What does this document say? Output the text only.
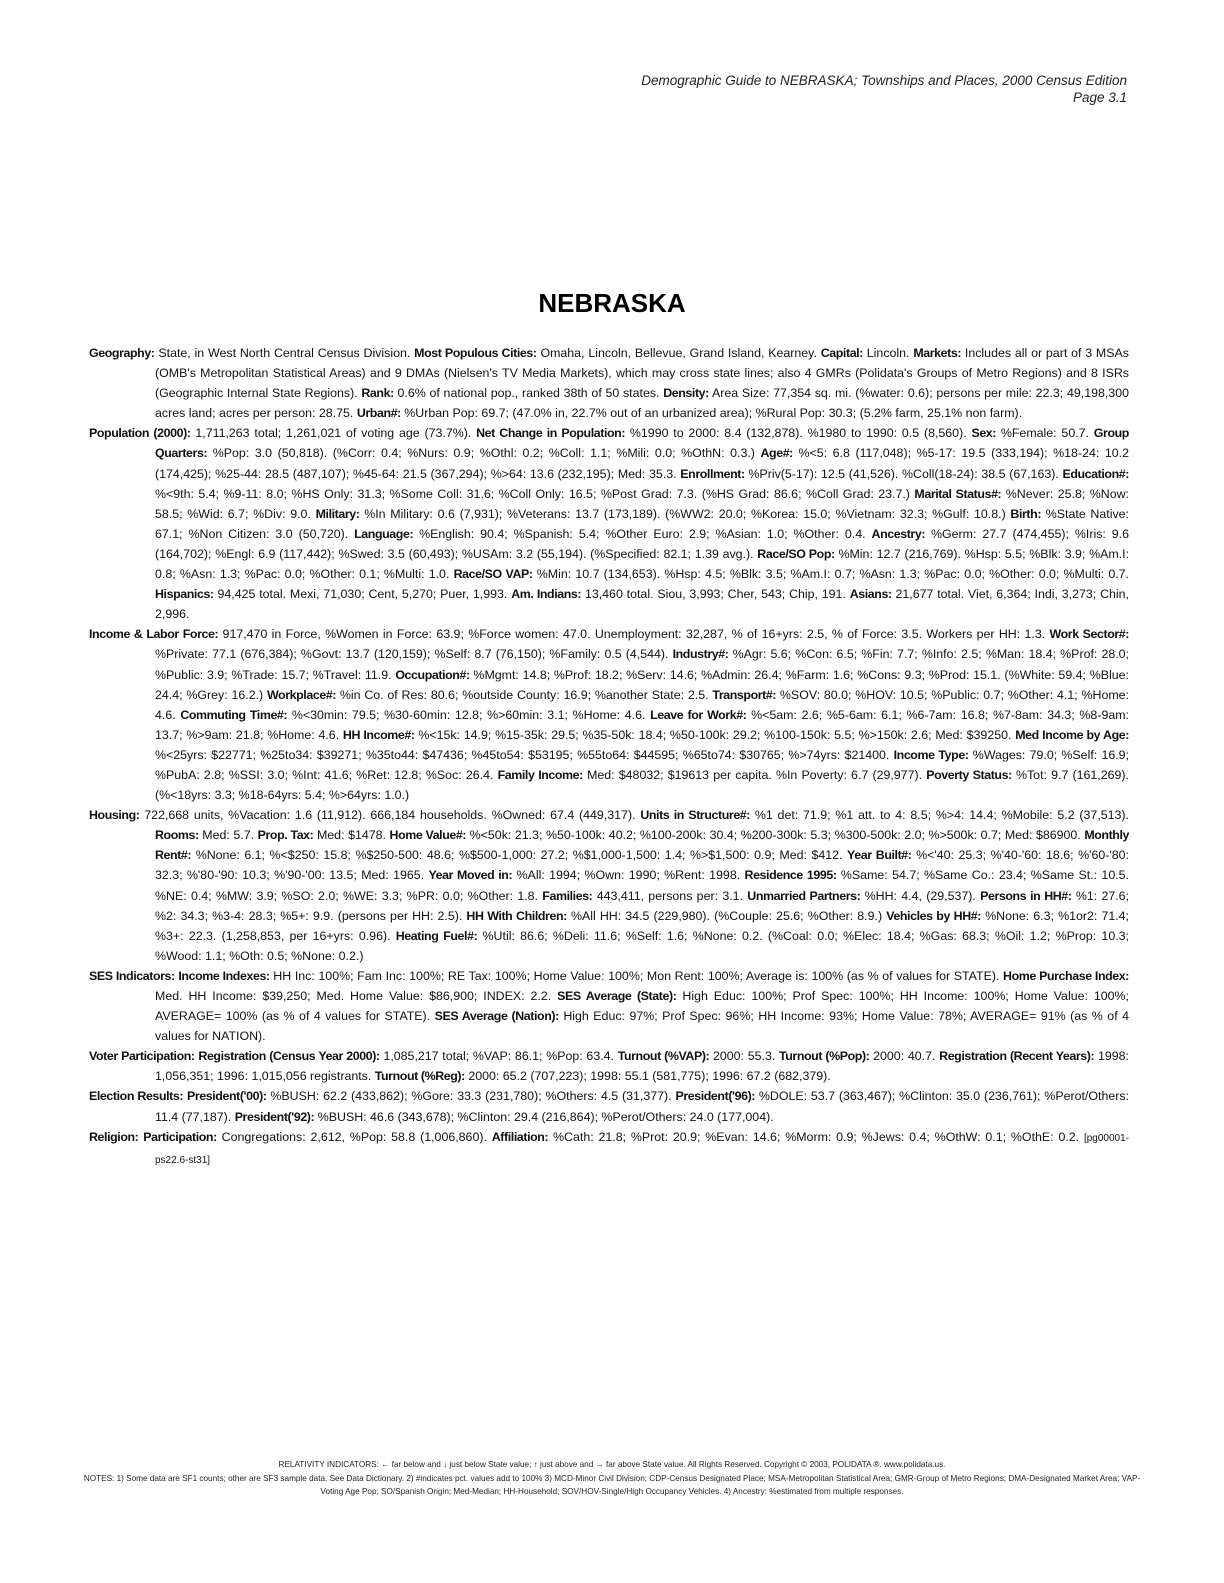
Demographic Guide to NEBRASKA; Townships and Places, 2000 Census Edition
Page 3.1
NEBRASKA
Geography: State, in West North Central Census Division. Most Populous Cities: Omaha, Lincoln, Bellevue, Grand Island, Kearney. Capital: Lincoln. Markets: Includes all or part of 3 MSAs (OMB's Metropolitan Statistical Areas) and 9 DMAs (Nielsen's TV Media Markets), which may cross state lines; also 4 GMRs (Polidata's Groups of Metro Regions) and 8 ISRs (Geographic Internal State Regions). Rank: 0.6% of national pop., ranked 38th of 50 states. Density: Area Size: 77,354 sq. mi. (%water: 0.6); persons per mile: 22.3; 49,198,300 acres land; acres per person: 28.75. Urban#: %Urban Pop: 69.7; (47.0% in, 22.7% out of an urbanized area); %Rural Pop: 30.3; (5.2% farm, 25.1% non farm).
Population (2000): 1,711,263 total; 1,261,021 of voting age (73.7%). Net Change in Population: %1990 to 2000: 8.4 (132,878). %1980 to 1990: 0.5 (8,560). Sex: %Female: 50.7. Group Quarters: %Pop: 3.0 (50,818). (%Corr: 0.4; %Nurs: 0.9; %Othl: 0.2; %Coll: 1.1; %Mili: 0.0; %OthN: 0.3.) Age#: %<5: 6.8 (117,048); %5-17: 19.5 (333,194); %18-24: 10.2 (174,425); %25-44: 28.5 (487,107); %45-64: 21.5 (367,294); %>64: 13.6 (232,195); Med: 35.3. Enrollment: %Priv(5-17): 12.5 (41,526). %Coll(18-24): 38.5 (67,163). Education#: %<9th: 5.4; %9-11: 8.0; %HS Only: 31.3; %Some Coll: 31.6; %Coll Only: 16.5; %Post Grad: 7.3. (%HS Grad: 86.6; %Coll Grad: 23.7.) Marital Status#: %Never: 25.8; %Now: 58.5; %Wid: 6.7; %Div: 9.0. Military: %In Military: 0.6 (7,931); %Veterans: 13.7 (173,189). (%WW2: 20.0; %Korea: 15.0; %Vietnam: 32.3; %Gulf: 10.8.) Birth: %State Native: 67.1; %Non Citizen: 3.0 (50,720). Language: %English: 90.4; %Spanish: 5.4; %Other Euro: 2.9; %Asian: 1.0; %Other: 0.4. Ancestry: %Germ: 27.7 (474,455); %Iris: 9.6 (164,702); %Engl: 6.9 (117,442); %Swed: 3.5 (60,493); %USAm: 3.2 (55,194). (%Specified: 82.1; 1.39 avg.). Race/SO Pop: %Min: 12.7 (216,769). %Hsp: 5.5; %Blk: 3.9; %Am.I: 0.8; %Asn: 1.3; %Pac: 0.0; %Other: 0.1; %Multi: 1.0. Race/SO VAP: %Min: 10.7 (134,653). %Hsp: 4.5; %Blk: 3.5; %Am.I: 0.7; %Asn: 1.3; %Pac: 0.0; %Other: 0.0; %Multi: 0.7. Hispanics: 94,425 total. Mexi, 71,030; Cent, 5,270; Puer, 1,993. Am. Indians: 13,460 total. Siou, 3,993; Cher, 543; Chip, 191. Asians: 21,677 total. Viet, 6,364; Indi, 3,273; Chin, 2,996.
Income & Labor Force: 917,470 in Force, %Women in Force: 63.9; %Force women: 47.0. Unemployment: 32,287, % of 16+yrs: 2.5, % of Force: 3.5. Workers per HH: 1.3. Work Sector#: %Private: 77.1 (676,384); %Govt: 13.7 (120,159); %Self: 8.7 (76,150); %Family: 0.5 (4,544). Industry#: %Agr: 5.6; %Con: 6.5; %Fin: 7.7; %Info: 2.5; %Man: 18.4; %Prof: 28.0; %Public: 3.9; %Trade: 15.7; %Travel: 11.9. Occupation#: %Mgmt: 14.8; %Prof: 18.2; %Serv: 14.6; %Admin: 26.4; %Farm: 1.6; %Cons: 9.3; %Prod: 15.1. (%White: 59.4; %Blue: 24.4; %Grey: 16.2.) Workplace#: %in Co. of Res: 80.6; %outside County: 16.9; %another State: 2.5. Transport#: %SOV: 80.0; %HOV: 10.5; %Public: 0.7; %Other: 4.1; %Home: 4.6. Commuting Time#: %<30min: 79.5; %30-60min: 12.8; %>60min: 3.1; %Home: 4.6. Leave for Work#: %<5am: 2.6; %5-6am: 6.1; %6-7am: 16.8; %7-8am: 34.3; %8-9am: 13.7; %>9am: 21.8; %Home: 4.6. HH Income#: %<15k: 14.9; %15-35k: 29.5; %35-50k: 18.4; %50-100k: 29.2; %100-150k: 5.5; %>150k: 2.6; Med: $39250. Med Income by Age: %<25yrs: $22771; %25to34: $39271; %35to44: $47436; %45to54: $53195; %55to64: $44595; %65to74: $30765; %>74yrs: $21400. Income Type: %Wages: 79.0; %Self: 16.9; %PubA: 2.8; %SSI: 3.0; %Int: 41.6; %Ret: 12.8; %Soc: 26.4. Family Income: Med: $48032; $19613 per capita. %In Poverty: 6.7 (29,977). Poverty Status: %Tot: 9.7 (161,269). (%<18yrs: 3.3; %18-64yrs: 5.4; %>64yrs: 1.0.)
Housing: 722,668 units, %Vacation: 1.6 (11,912). 666,184 households. %Owned: 67.4 (449,317). Units in Structure#: %1 det: 71.9; %1 att. to 4: 8.5; %>4: 14.4; %Mobile: 5.2 (37,513). Rooms: Med: 5.7. Prop. Tax: Med: $1478. Home Value#: %<50k: 21.3; %50-100k: 40.2; %100-200k: 30.4; %200-300k: 5.3; %300-500k: 2.0; %>500k: 0.7; Med: $86900. Monthly Rent#: %None: 6.1; %<$250: 15.8; %$250-500: 48.6; %$500-1,000: 27.2; %$1,000-1,500: 1.4; %>$1,500: 0.9; Med: $412. Year Built#: %<'40: 25.3; %'40-'60: 18.6; %'60-'80: 32.3; %'80-'90: 10.3; %'90-'00: 13.5; Med: 1965. Year Moved in: %All: 1994; %Own: 1990; %Rent: 1998. Residence 1995: %Same: 54.7; %Same Co.: 23.4; %Same St.: 10.5. %NE: 0.4; %MW: 3.9; %SO: 2.0; %WE: 3.3; %PR: 0.0; %Other: 1.8. Families: 443,411, persons per: 3.1. Unmarried Partners: %HH: 4.4, (29,537). Persons in HH#: %1: 27.6; %2: 34.3; %3-4: 28.3; %5+: 9.9. (persons per HH: 2.5). HH With Children: %All HH: 34.5 (229,980). (%Couple: 25.6; %Other: 8.9.) Vehicles by HH#: %None: 6.3; %1or2: 71.4; %3+: 22.3. (1,258,853, per 16+yrs: 0.96). Heating Fuel#: %Util: 86.6; %Deli: 11.6; %Self: 1.6; %None: 0.2. (%Coal: 0.0; %Elec: 18.4; %Gas: 68.3; %Oil: 1.2; %Prop: 10.3; %Wood: 1.1; %Oth: 0.5; %None: 0.2.)
SES Indicators: Income Indexes: HH Inc: 100%; Fam Inc: 100%; RE Tax: 100%; Home Value: 100%; Mon Rent: 100%; Average is: 100% (as % of values for STATE). Home Purchase Index: Med. HH Income: $39,250; Med. Home Value: $86,900; INDEX: 2.2. SES Average (State): High Educ: 100%; Prof Spec: 100%; HH Income: 100%; Home Value: 100%; AVERAGE= 100% (as % of 4 values for STATE). SES Average (Nation): High Educ: 97%; Prof Spec: 96%; HH Income: 93%; Home Value: 78%; AVERAGE= 91% (as % of 4 values for NATION).
Voter Participation: Registration (Census Year 2000): 1,085,217 total; %VAP: 86.1; %Pop: 63.4. Turnout (%VAP): 2000: 55.3. Turnout (%Pop): 2000: 40.7. Registration (Recent Years): 1998: 1,056,351; 1996: 1,015,056 registrants. Turnout (%Reg): 2000: 65.2 (707,223); 1998: 55.1 (581,775); 1996: 67.2 (682,379).
Election Results: President('00): %BUSH: 62.2 (433,862); %Gore: 33.3 (231,780); %Others: 4.5 (31,377). President('96): %DOLE: 53.7 (363,467); %Clinton: 35.0 (236,761); %Perot/Others: 11.4 (77,187). President('92): %BUSH: 46.6 (343,678); %Clinton: 29.4 (216,864); %Perot/Others: 24.0 (177,004).
Religion: Participation: Congregations: 2,612, %Pop: 58.8 (1,006,860). Affiliation: %Cath: 21.8; %Prot: 20.9; %Evan: 14.6; %Morm: 0.9; %Jews: 0.4; %OthW: 0.1; %OthE: 0.2. [pg00001-ps22.6-st31]
RELATIVITY INDICATORS: ← far below and ↓ just below State value; ↑ just above and → far above State value. All Rights Reserved. Copyright © 2003, POLIDATA ®. www.polidata.us.
NOTES: 1) Some data are SF1 counts; other are SF3 sample data. See Data Dictionary. 2) #indicates pct. values add to 100% 3) MCD-Minor Civil Division; CDP-Census Designated Place; MSA-Metropolitan Statistical Area; GMR-Group of Metro Regions; DMA-Designated Market Area; VAP-Voting Age Pop; SO/Spanish Origin; Med-Median; HH-Household; SOV/HOV-Single/High Occupancy Vehicles. 4) Ancestry: %estimated from multiple responses.
